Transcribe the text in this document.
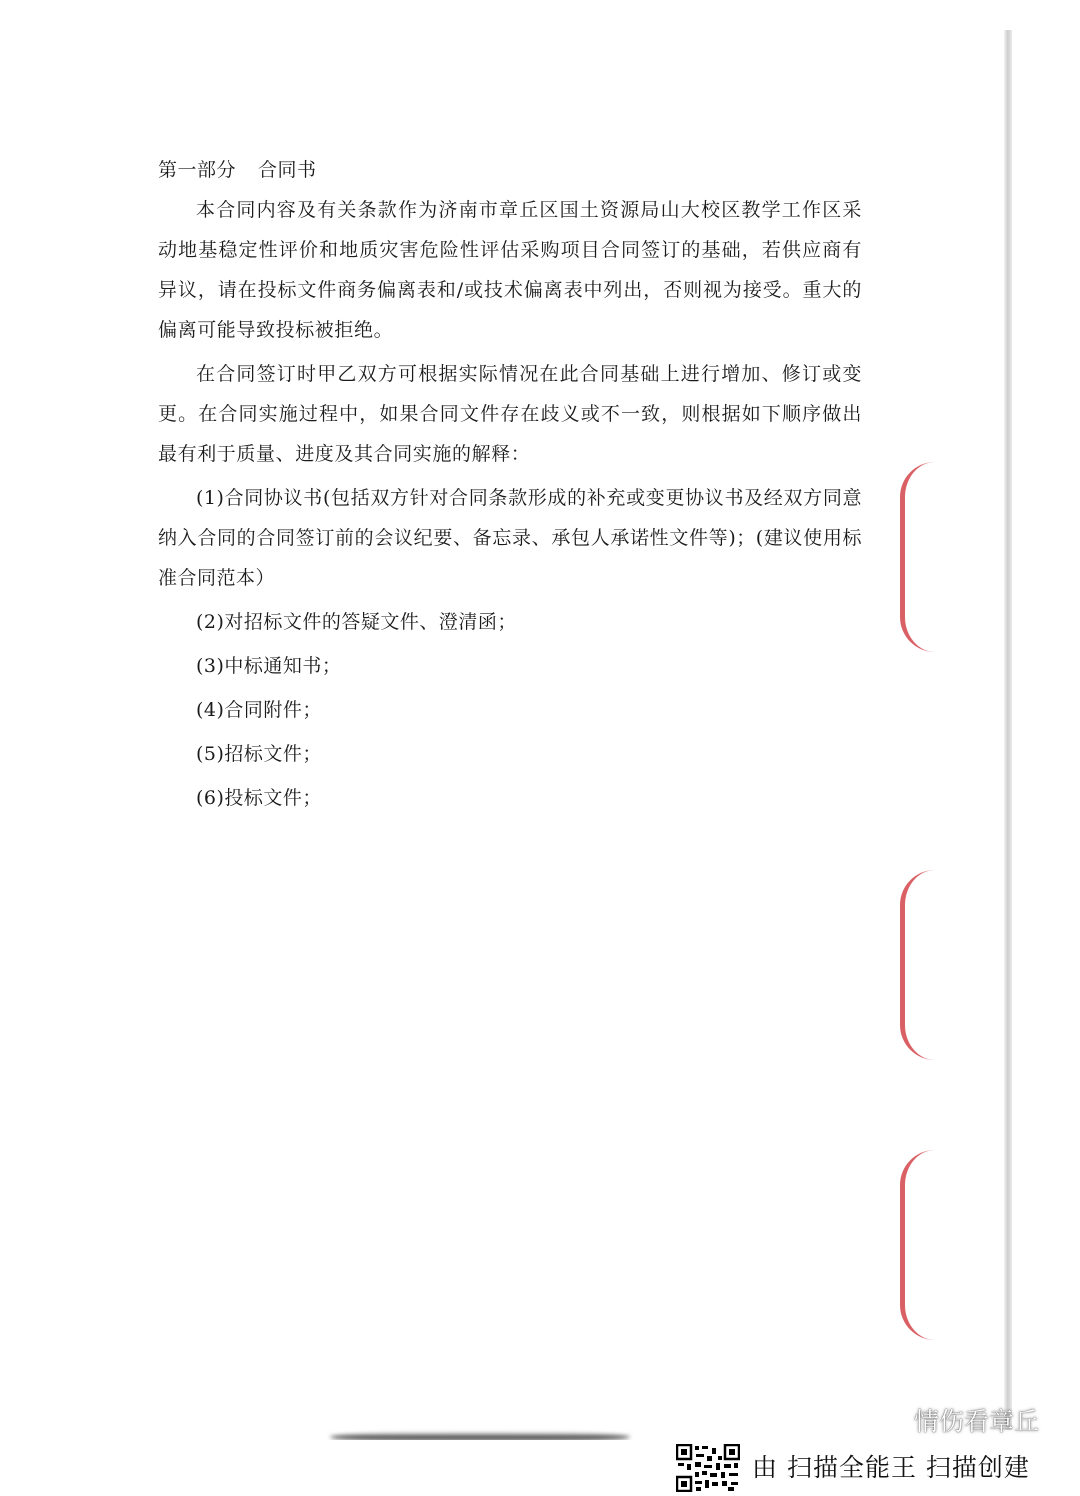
第一部分 合同书

本合同内容及有关条款作为济南市章丘区国土资源局山大校区教学工作区采动地基稳定性评价和地质灾害危险性评估采购项目合同签订的基础，若供应商有异议，请在投标文件商务偏离表和/或技术偏离表中列出，否则视为接受。重大的偏离可能导致投标被拒绝。

在合同签订时甲乙双方可根据实际情况在此合同基础上进行增加、修订或变更。在合同实施过程中，如果合同文件存在歧义或不一致，则根据如下顺序做出最有利于质量、进度及其合同实施的解释：

(1)合同协议书(包括双方针对合同条款形成的补充或变更协议书及经双方同意纳入合同的合同签订前的会议纪要、备忘录、承包人承诺性文件等)；(建议使用标准合同范本）

(2)对招标文件的答疑文件、澄清函；

(3)中标通知书；

(4)合同附件；

(5)招标文件；

(6)投标文件；

情伤看章丘
由 扫描全能王 扫描创建
